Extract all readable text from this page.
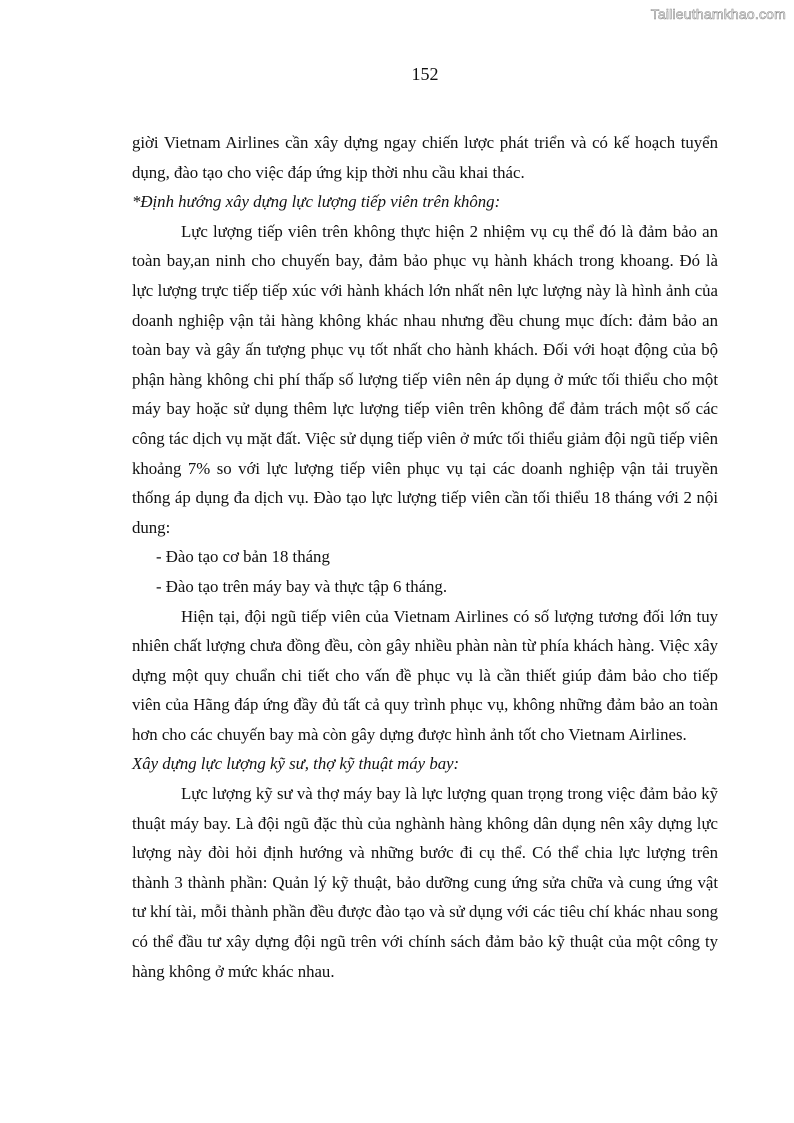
Tailieuthamkhao.com
152

giời Vietnam Airlines cần xây dựng ngay chiến lược phát triển và có kế hoạch tuyển dụng, đào tạo cho việc đáp ứng kịp thời nhu cầu khai thác.

*Định hướng xây dựng lực lượng tiếp viên trên không:

Lực lượng tiếp viên trên không thực hiện 2 nhiệm vụ cụ thể đó là đảm bảo an toàn bay,an ninh cho chuyến bay, đảm bảo phục vụ hành khách trong khoang. Đó là lực lượng trực tiếp tiếp xúc với hành khách lớn nhất nên lực lượng này là hình ảnh của doanh nghiệp vận tải hàng không khác nhau nhưng đều chung mục đích: đảm bảo an toàn bay và gây ấn tượng phục vụ tốt nhất cho hành khách. Đối với hoạt động của bộ phận hàng không chi phí thấp số lượng tiếp viên nên áp dụng ở mức tối thiểu cho một máy bay hoặc sử dụng thêm lực lượng tiếp viên trên không để đảm trách một số các công tác dịch vụ mặt đất. Việc sử dụng tiếp viên ở mức tối thiểu giảm đội ngũ tiếp viên khoảng 7% so với lực lượng tiếp viên phục vụ tại các doanh nghiệp vận tải truyền thống áp dụng đa dịch vụ. Đào tạo lực lượng tiếp viên cần tối thiểu 18 tháng với 2 nội dung:

- Đào tạo cơ bản 18 tháng

- Đào tạo trên máy bay và thực tập 6 tháng.

Hiện tại, đội ngũ tiếp viên của Vietnam Airlines có số lượng tương đối lớn tuy nhiên chất lượng chưa đồng đều, còn gây nhiều phàn nàn từ phía khách hàng. Việc xây dựng một quy chuẩn chi tiết cho vấn đề phục vụ là cần thiết giúp đảm bảo cho tiếp viên của Hãng đáp ứng đầy đủ tất cả quy trình phục vụ, không những đảm bảo an toàn hơn cho các chuyến bay mà còn gây dựng được hình ảnh tốt cho Vietnam Airlines.

Xây dựng lực lượng kỹ sư, thợ kỹ thuật máy bay:

Lực lượng kỹ sư và thợ máy bay là lực lượng quan trọng trong việc đảm bảo kỹ thuật máy bay. Là đội ngũ đặc thù của nghành hàng không dân dụng nên xây dựng lực lượng này đòi hỏi định hướng và những bước đi cụ thể. Có thể chia lực lượng trên thành 3 thành phần: Quản lý kỹ thuật, bảo dưỡng cung ứng sửa chữa và cung ứng vật tư khí tài, mỗi thành phần đều được đào tạo và sử dụng với các tiêu chí khác nhau song có thể đầu tư xây dựng đội ngũ trên với chính sách đảm bảo kỹ thuật của một công ty hàng không ở mức khác nhau.
